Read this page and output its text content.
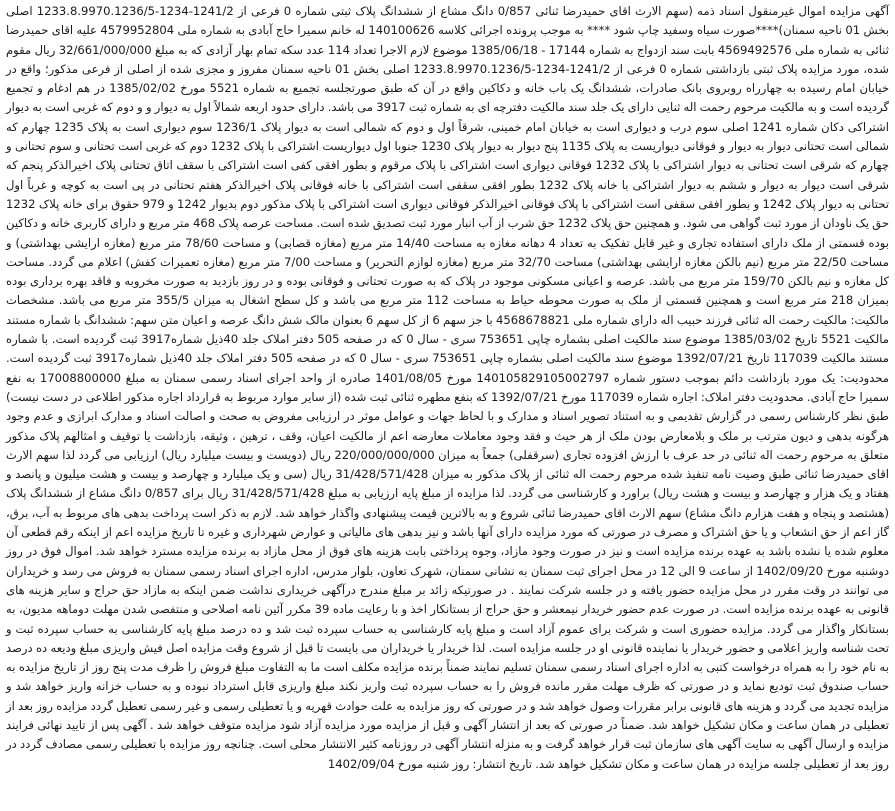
آگهی مزایده اموال غیرمنقول اسناد ذمه (سهم الارث اقای حمیدرضا ثنائی 0/857 دانگ مشاع از ششدانگ پلاک ثبتی شماره 0 فرعی از 1241/2-1234-1233.8.9970.1236/5 اصلی بخش 01 ناحیه سمنان)****صورت سیاه وسفید چاپ شود **** به موجب پرونده اجرائی کلاسه 140100626 له خانم سمیرا حاج آبادی به شماره ملی 4579952804 علیه اقای حمیدرضا ثنائی به شماره ملی 4569492576 بابت سند ازدواج به شماره 17144 - 1385/06/18 موضوع لازم الاجرا تعداد 114 عدد سکه تمام بهار آزادی که به مبلغ 32/661/000/000 ریال مقوم شده، مورد مزایده پلاک ثبتی بازداشتی شماره 0 فرعی از 1241/2-1234-1233.8.9970.1236/5 اصلی بخش 01 ناحیه سمنان مفروز و مجزی شده از اصلی از فرعی مذکور؛ واقع در خیابان امام رسیده به چهارراه روبروی بانک صادرات، ششدانگ یک باب خانه و دکاکین واقع در آن که طبق صورتجلسه تجمیع به شماره 5521 مورخ 1385/02/02 در هم ادغام و تجمیع گردیده است و به مالکیت مرحوم رحمت اله ثنایی دارای یک جلد سند مالکیت دفترچه ای به شماره ثبت 3917 می باشد. دارای حدود اربعه شمالاً اول به دیوار و و دوم که غربی است به دیوار اشتراکی دکان شماره 1241 اصلی سوم درب و دیواری است به خیابان امام خمینی، شرقاً اول و دوم که شمالی است به دیوار پلاک 1236/1 سوم دیواری است به پلاک 1235 چهارم که شمالی است تحتانی دیوار به دیوار و فوقانی دیواریست به پلاک 1135 پنج دیوار به دیوار پلاک 1230 جنوبا اول دیواریست اشتراکی با پلاک 1232 دوم که غربی است تحتانی و سوم تحتانی و چهارم که شرقی است تحتانی به دیوار اشتراکی با پلاک 1232 فوقانی دیواری است اشتراکی با پلاک مرقوم و بطور افقی کفی است اشتراکی با سقف اتاق تحتانی پلاک اخیرالذکر پنجم که شرقی است دیوار به دیوار و ششم به دیوار اشتراکی با خانه پلاک 1232 بطور افقی سقفی است اشتراکی با خانه فوقانی پلاک اخیرالذکر هفتم تحتانی در پی است به کوچه و غرباً اول تحتانی به دیوار پلاک 1242 و بطور افقی سقفی است اشتراکی با پلاک فوقانی اخیرالذکر فوقانی دیواری است اشتراکی با پلاک مذکور دوم بدیوار 1242 و 979 حقوق برای خانه پلاک 1232 حق یک ناودان از مورد ثبت گواهی می شود. و همچنین حق پلاک 1232 حق شرب از آب انبار مورد ثبت تصدیق شده است. مساحت عرصه پلاک 468 متر مربع و دارای کاربری خانه و دکاکین بوده قسمتی از ملک دارای استفاده تجاری و غیر قابل تفکیک به تعداد 4 دهانه مغازه به مساحت 14/40 متر مربع (مغازه قصابی) و مساحت 78/60 متر مربع (مغازه ارایشی بهداشتی) و مساحت 22/50 متر مربع (نیم بالکن مغازه ارایشی بهداشتی) مساحت 32/70 متر مربع (مغازه لوازم التحریر) و مساحت 7/00 متر مربع (مغازه تعمیرات کفش) اعلام می گردد. مساحت کل مغازه و نیم بالکن 159/70 متر مربع می باشد. عرصه و اعیانی مسکونی موجود در پلاک که به صورت تحتانی و فوقانی بوده و در روز بازدید به صورت مخروبه و فاقد بهره برداری بوده بمیزان 218 متر مربع است و همچنین قسمتی از ملک به صورت محوطه حیاط به مساحت 112 متر مربع می باشد و کل سطح اشغال به میزان 355/5 متر مربع می باشد. مشخصات مالکیت: مالکیت رحمت اله ثنائی فرزند حبیب اله دارای شماره ملی 4568678821 با جز سهم 6 از کل سهم 6 بعنوان مالک شش دانگ عرصه و اعیان متن سهم: ششدانگ با شماره مستند مالکیت 5521 تاریخ 1385/03/02 موضوع سند مالکیت اصلی بشماره چاپی 753651 سری - سال 0 که در صفحه 505 دفتر املاک جلد 40ذیل شماره3917 ثبت گردیده است. با شماره مستند مالکیت 117039 تاریخ 1392/07/21 موضوع سند مالکیت اصلی بشماره چاپی 753651 سری - سال 0 که در صفحه 505 دفتر املاک جلد 40ذیل شماره3917 ثبت گردیده است. محدودیت: یک مورد بازداشت دائم بموجب دستور شماره 140105829105002797 مورخ 1401/08/05 صادره از واحد اجرای اسناد رسمی سمنان به مبلغ 17008800000 به نفع سمیرا حاج آبادی. محدودیت دفتر املاک: اجاره شماره 117039 مورخ 1392/07/21 که بنفع مطهره ثنائی ثبت شده (از سایر موارد مربوط به قرارداد اجاره مذکور اطلاعی در دست نیست) طبق نظر کارشناس رسمی در گزارش تقدیمی و به استناد تصویر اسناد و مدارک و با لحاظ جهات و عوامل موثر در ارزیابی مفروض به صحت و اصالت اسناد و مدارک ابرازی و عدم وجود هرگونه بدهی و دیون مترتب بر ملک و بلامعارض بودن ملک از هر حیث و فقد وجود معاملات معارضه اعم از مالکیت اعیان، وقف ، ترهین ، وثیقه، بازداشت یا توقیف و امثالهم پلاک مذکور متعلق به مرحوم رحمت اله ثنائی در حد عرف با ارزش افزوده تجاری (سرقفلی) جمعاً به میزان 220/000/000/000 ریال (دویست و بیست میلیارد ریال) ارزیابی می گردد لذا سهم الارث اقای حمیدرضا ثنائی طبق وصیت نامه تنفیذ شده مرحوم رحمت اله ثنائی از پلاک مذکور به میزان 31/428/571/428 ریال (سی و یک میلیارد و چهارصد و بیست و هشت میلیون و پانصد و هفتاد و یک هزار و چهارصد و بیست و هشت ریال) براورد و کارشناسی می گردد. لذا مزایده از مبلغ پایه ارزیابی به مبلغ 31/428/571/428 ریال برای 0/857 دانگ مشاع از ششدانگ پلاک (هشتصد و پنجاه و هفت هزارم دانگ مشاع) سهم الارث اقای حمیدرضا ثنائی شروع و به بالاترین قیمت پیشنهادی واگذار خواهد شد. لازم به ذکر است پرداخت بدهی های مربوط به آب، برق، گاز اعم از حق انشعاب و یا حق اشتراک و مصرف در صورتی که مورد مزایده دارای آنها باشد و نیز بدهی های مالیاتی و عوارض شهرداری و غیره تا تاریخ مزایده اعم از اینکه رقم قطعی آن معلوم شده یا نشده باشد به عهده برنده مزایده است و نیز در صورت وجود مازاد، وجوه پرداختی بابت هزینه های فوق از محل مازاد به برنده مزایده مسترد خواهد شد. اموال فوق در روز دوشنبه مورخ 1402/09/20 از ساعت 9 الی 12 در محل اجرای ثبت سمنان به نشانی سمنان، شهرک تعاون، بلوار مدرس، اداره اجرای اسناد رسمی سمنان به فروش می رسد و خریداران می توانند در وقت مقرر در محل مزایده حضور یافته و در جلسه شرکت نمایند . در صورتیکه زائد بر مبلغ مندرج درآگهی خریداری نداشت ضمن اینکه به مازاد حق حراج و سایر هزینه های قانونی به عهده برنده مزایده است. در صورت عدم حضور خریدار نیمعشر و حق حراج از بستانکار اخذ و با رعایت ماده 39 مکرر آئین نامه اصلاحی و منتفصی شدن مهلت دوماهه مدیون، به بستانکار واگذار می گردد. مزایده حضوری است و شرکت برای عموم آزاد است و مبلغ پایه کارشناسی به حساب سپرده ثبت شد و ده درصد مبلغ پایه کارشناسی به حساب سپرده ثبت و تحت شناسه واریز اعلامی و حضور خریدار یا نماینده قانونی او در جلسه مزایده است. لذا خریدار یا خریداران می بایست تا قبل از شروع وقت مزایده اصل فیش واریزی مبلغ ودیعه ده درصد به نام خود را به همراه درخواست کتبی به اداره اجرای اسناد رسمی سمنان تسلیم نمایند ضمناً برنده مزایده مکلف است ما به التفاوت مبلغ فروش را ظرف مدت پنج روز از تاریخ مزایده به حساب صندوق ثبت تودیع نماید و در صورتی که ظرف مهلت مقرر مانده فروش را به حساب سپرده ثبت واریز نکند مبلغ واریزی قابل استرداد نبوده و به حساب خزانه واریز خواهد شد و مزایده تجدید می گردد و هزینه های قانونی برابر مقررات وصول خواهد شد و در صورتی که روز مزایده به علت حوادث قهریه و یا تعطیلی رسمی و غیر رسمی تعطیل گردد مزایده روز بعد از تعطیلی در همان ساعت و مکان تشکیل خواهد شد. ضمناً در صورتی که بعد از انتشار آگهی و قبل از مزایده مورد مزایده آزاد شود مزایده متوقف خواهد شد . آگهی پس از تایید نهائی فرایند مزایده و ارسال آگهی به سایت آگهی های سازمان ثبت قرار خواهد گرفت و به منزله انتشار آگهی در روزنامه کثیر الانتشار محلی است. چنانچه روز مزایده با تعطیلی رسمی مصادف گردد در روز بعد از تعطیلی جلسه مزایده در همان ساعت و مکان تشکیل خواهد شد. تاریخ انتشار: روز شنبه مورخ 1402/09/04
